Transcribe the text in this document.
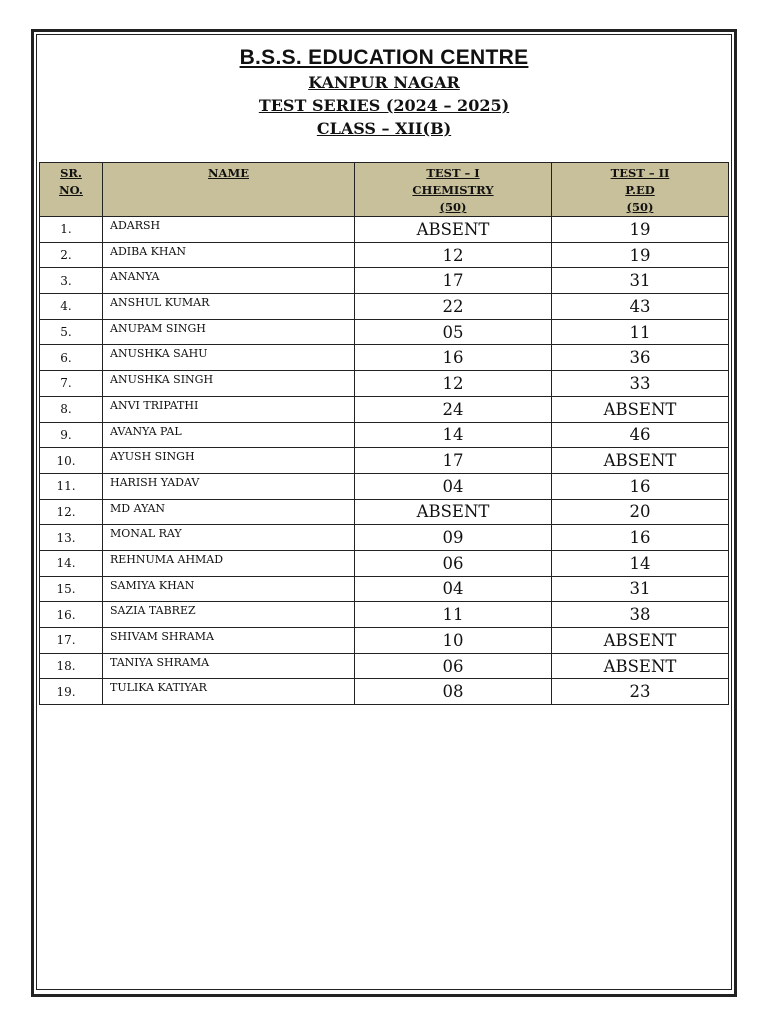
B.S.S. EDUCATION CENTRE
KANPUR NAGAR
TEST SERIES (2024 – 2025)
CLASS – XII(B)
SR.
NO.	NAME	TEST – I
CHEMISTRY
(50)	TEST – II
P.ED
(50)

1.	ADARSH	ABSENT	19
2.	ADIBA KHAN	12	19
3.	ANANYA	17	31
4.	ANSHUL KUMAR	22	43
5.	ANUPAM SINGH	05	11
6.	ANUSHKA SAHU	16	36
7.	ANUSHKA SINGH	12	33
8.	ANVI TRIPATHI	24	ABSENT
9.	AVANYA PAL	14	46
10.	AYUSH SINGH	17	ABSENT
11.	HARISH YADAV	04	16
12.	MD AYAN	ABSENT	20
13.	MONAL RAY	09	16
14.	REHNUMA AHMAD	06	14
15.	SAMIYA KHAN	04	31
16.	SAZIA TABREZ	11	38
17.	SHIVAM SHRAMA	10	ABSENT
18.	TANIYA SHRAMA	06	ABSENT
19.	TULIKA KATIYAR	08	23
